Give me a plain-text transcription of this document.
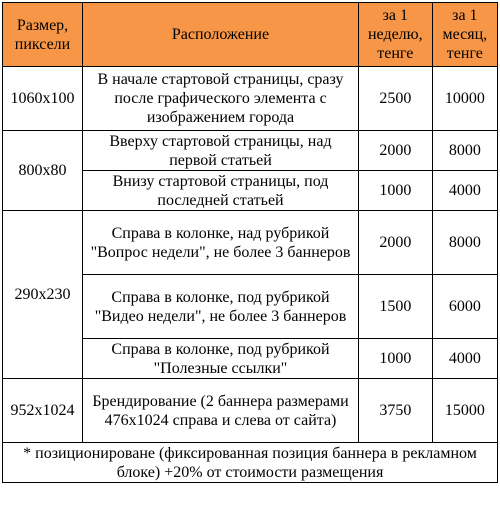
Размер, пиксели	Расположение	за 1 неделю, тенге	за 1 месяц, тенге
1060x100	В начале стартовой страницы, сразу после графического элемента с изображением города	2500	10000
800x80	Вверху стартовой страницы, над первой статьей	2000	8000
	Внизу стартовой страницы, под последней статьей	1000	4000
290x230	Справа в колонке, над рубрикой "Вопрос недели", не более 3 баннеров	2000	8000
	Справа в колонке, под рубрикой "Видео недели", не более 3 баннеров	1500	6000
	Справа в колонке, под рубрикой "Полезные ссылки"	1000	4000
952x1024	Брендирование (2 баннера размерами 476x1024 справа и слева от сайта)	3750	15000
* позиционироване (фиксированная позиция баннера в рекламном блоке) +20% от стоимости размещения			
